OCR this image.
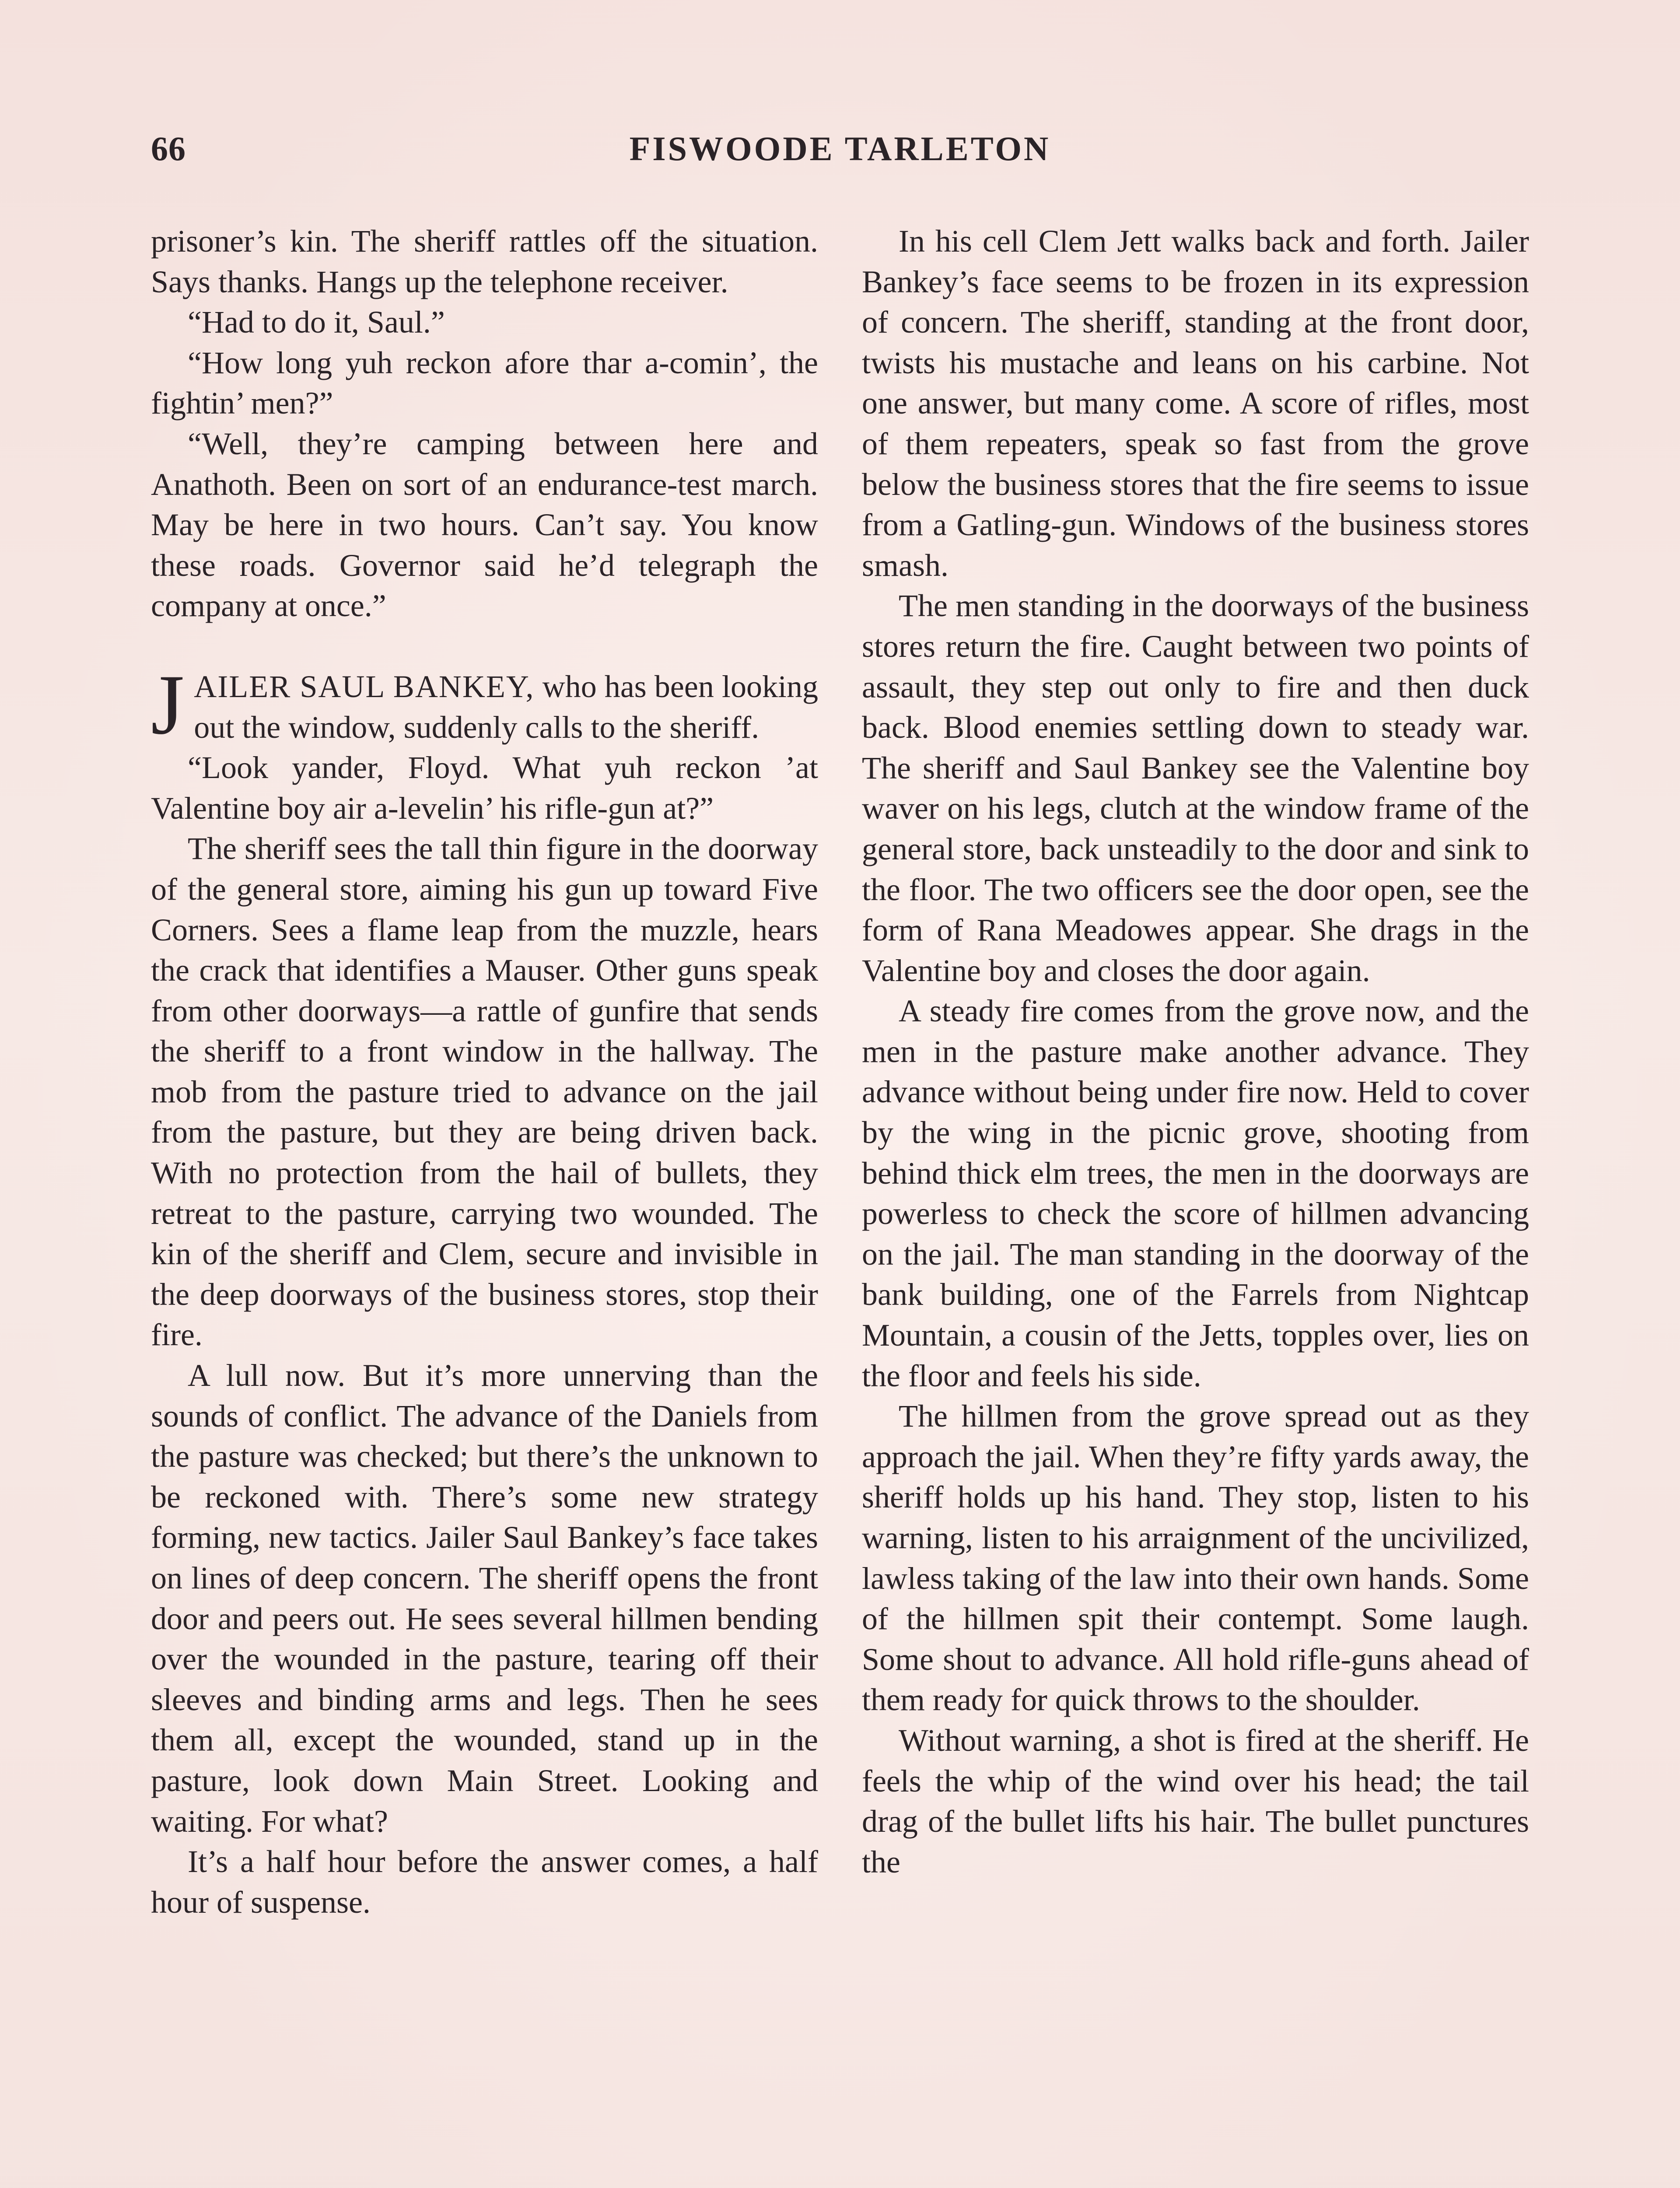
66	FISWOODE TARLETON

prisoner’s kin. The sheriff rattles off the situation. Says thanks. Hangs up the telephone receiver.

“Had to do it, Saul.”

“How long yuh reckon afore thar a-comin’, the fightin’ men?”

“Well, they’re camping between here and Anathoth. Been on sort of an endurance-test march. May be here in two hours. Can’t say. You know these roads. Governor said he’d telegraph the company at once.”

JAILER SAUL BANKEY, who has been looking out the window, suddenly calls to the sheriff.

“Look yander, Floyd. What yuh reckon ’at Valentine boy air a-levelin’ his rifle-gun at?”

The sheriff sees the tall thin figure in the doorway of the general store, aiming his gun up toward Five Corners. Sees a flame leap from the muzzle, hears the crack that identifies a Mauser. Other guns speak from other doorways—a rattle of gunfire that sends the sheriff to a front window in the hallway. The mob from the pasture tried to advance on the jail from the pasture, but they are being driven back. With no protection from the hail of bullets, they retreat to the pasture, carrying two wounded. The kin of the sheriff and Clem, secure and invisible in the deep doorways of the business stores, stop their fire.

A lull now. But it’s more unnerving than the sounds of conflict. The advance of the Daniels from the pasture was checked; but there’s the unknown to be reckoned with. There’s some new strategy forming, new tactics. Jailer Saul Bankey’s face takes on lines of deep concern. The sheriff opens the front door and peers out. He sees several hillmen bending over the wounded in the pasture, tearing off their sleeves and binding arms and legs. Then he sees them all, except the wounded, stand up in the pasture, look down Main Street. Looking and waiting. For what?

It’s a half hour before the answer comes, a half hour of suspense.

In his cell Clem Jett walks back and forth. Jailer Bankey’s face seems to be frozen in its expression of concern. The sheriff, standing at the front door, twists his mustache and leans on his carbine. Not one answer, but many come. A score of rifles, most of them repeaters, speak so fast from the grove below the business stores that the fire seems to issue from a Gatling-gun. Windows of the business stores smash.

The men standing in the doorways of the business stores return the fire. Caught between two points of assault, they step out only to fire and then duck back. Blood enemies settling down to steady war. The sheriff and Saul Bankey see the Valentine boy waver on his legs, clutch at the window frame of the general store, back unsteadily to the door and sink to the floor. The two officers see the door open, see the form of Rana Meadowes appear. She drags in the Valentine boy and closes the door again.

A steady fire comes from the grove now, and the men in the pasture make another advance. They advance without being under fire now. Held to cover by the wing in the picnic grove, shooting from behind thick elm trees, the men in the doorways are powerless to check the score of hillmen advancing on the jail. The man standing in the doorway of the bank building, one of the Farrels from Nightcap Mountain, a cousin of the Jetts, topples over, lies on the floor and feels his side.

The hillmen from the grove spread out as they approach the jail. When they’re fifty yards away, the sheriff holds up his hand. They stop, listen to his warning, listen to his arraignment of the uncivilized, lawless taking of the law into their own hands. Some of the hillmen spit their contempt. Some laugh. Some shout to advance. All hold rifle-guns ahead of them ready for quick throws to the shoulder.

Without warning, a shot is fired at the sheriff. He feels the whip of the wind over his head; the tail drag of the bullet lifts his hair. The bullet punctures the
